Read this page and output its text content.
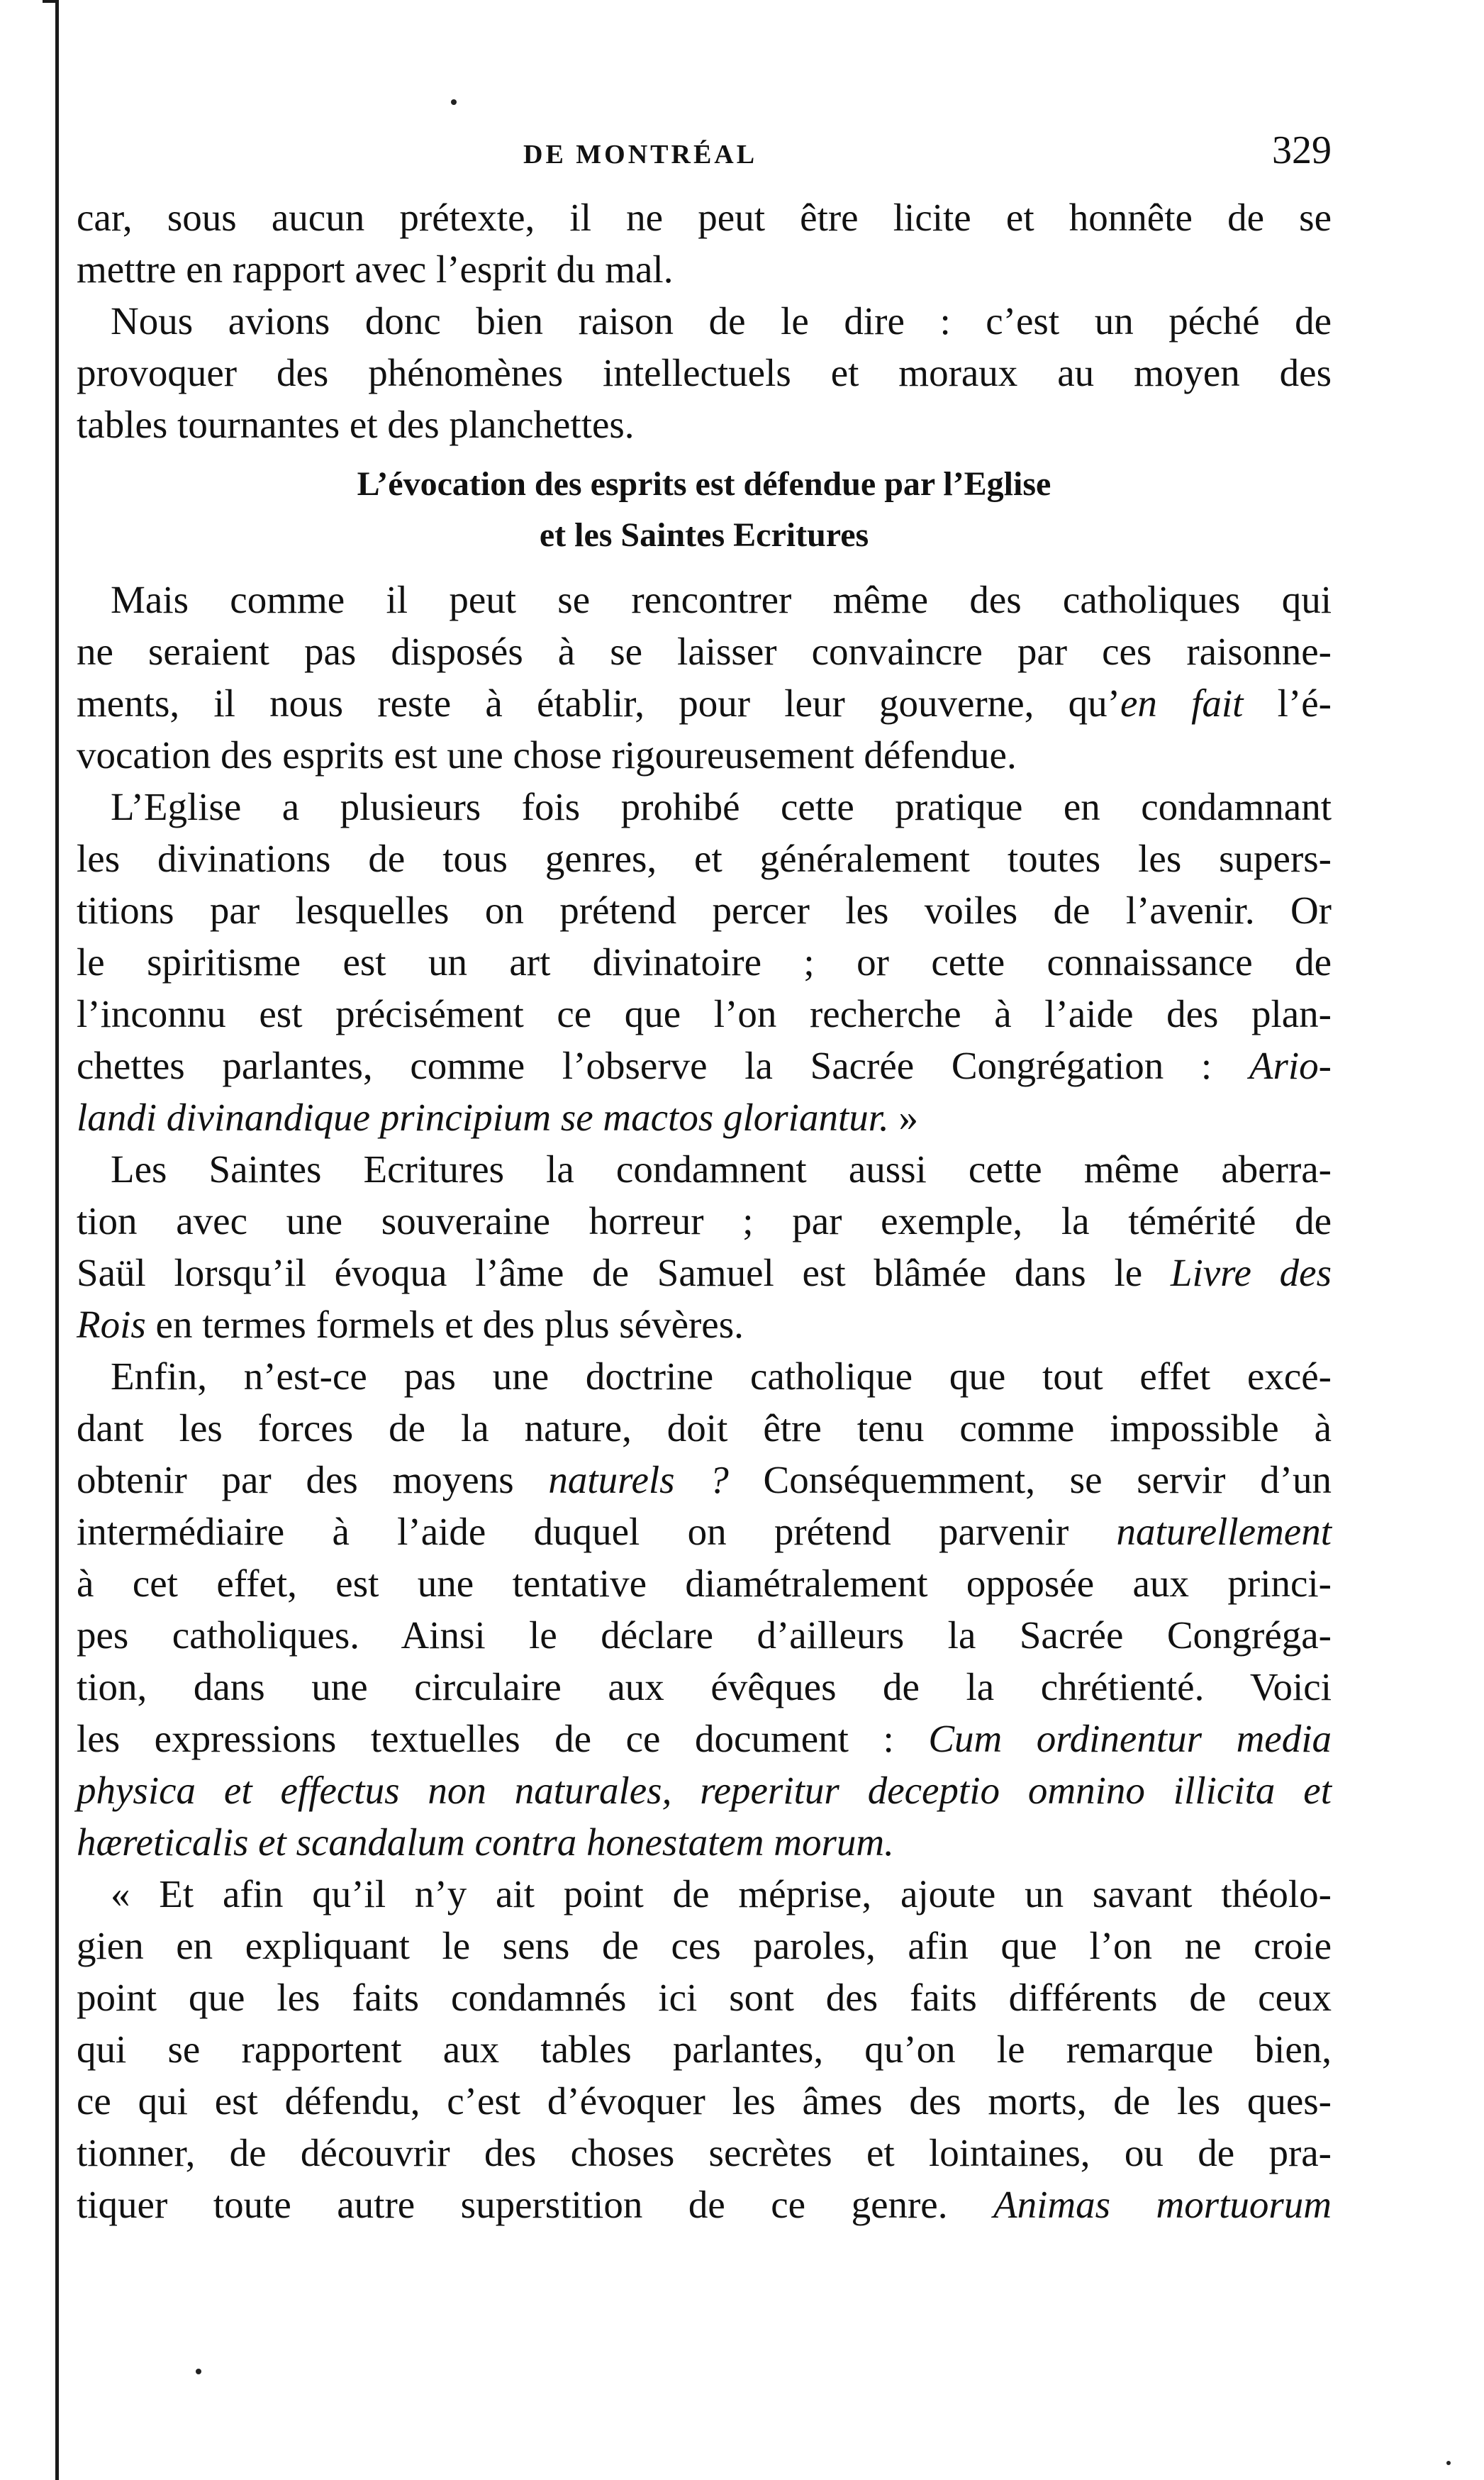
DE MONTRÉAL	329
car, sous aucun prétexte, il ne peut être licite et honnête de se
mettre en rapport avec l’esprit du mal.
Nous avions donc bien raison de le dire : c’est un péché de
provoquer des phénomènes intellectuels et moraux au moyen des
tables tournantes et des planchettes.
L’évocation des esprits est défendue par l’Eglise
et les Saintes Ecritures
Mais comme il peut se rencontrer même des catholiques qui
ne seraient pas disposés à se laisser convaincre par ces raisonne-
ments, il nous reste à établir, pour leur gouverne, qu’en fait l’é-
vocation des esprits est une chose rigoureusement défendue.
L’Eglise a plusieurs fois prohibé cette pratique en condamnant
les divinations de tous genres, et généralement toutes les supers-
titions par lesquelles on prétend percer les voiles de l’avenir. Or
le spiritisme est un art divinatoire ; or cette connaissance de
l’inconnu est précisément ce que l’on recherche à l’aide des plan-
chettes parlantes, comme l’observe la Sacrée Congrégation : Ario-
landi divinandique principium se mactos gloriantur. »
Les Saintes Ecritures la condamnent aussi cette même aberra-
tion avec une souveraine horreur ; par exemple, la témérité de
Saül lorsqu’il évoqua l’âme de Samuel est blâmée dans le Livre des
Rois en termes formels et des plus sévères.
Enfin, n’est-ce pas une doctrine catholique que tout effet excé-
dant les forces de la nature, doit être tenu comme impossible à
obtenir par des moyens naturels ? Conséquemment, se servir d’un
intermédiaire à l’aide duquel on prétend parvenir naturellement
à cet effet, est une tentative diamétralement opposée aux princi-
pes catholiques. Ainsi le déclare d’ailleurs la Sacrée Congréga-
tion, dans une circulaire aux évêques de la chrétienté. Voici
les expressions textuelles de ce document : Cum ordinentur media
physica et effectus non naturales, reperitur deceptio omnino illicita et
hæreticalis et scandalum contra honestatem morum.
« Et afin qu’il n’y ait point de méprise, ajoute un savant théolo-
gien en expliquant le sens de ces paroles, afin que l’on ne croie
point que les faits condamnés ici sont des faits différents de ceux
qui se rapportent aux tables parlantes, qu’on le remarque bien,
ce qui est défendu, c’est d’évoquer les âmes des morts, de les ques-
tionner, de découvrir des choses secrètes et lointaines, ou de pra-
tiquer toute autre superstition de ce genre. Animas mortuorum
